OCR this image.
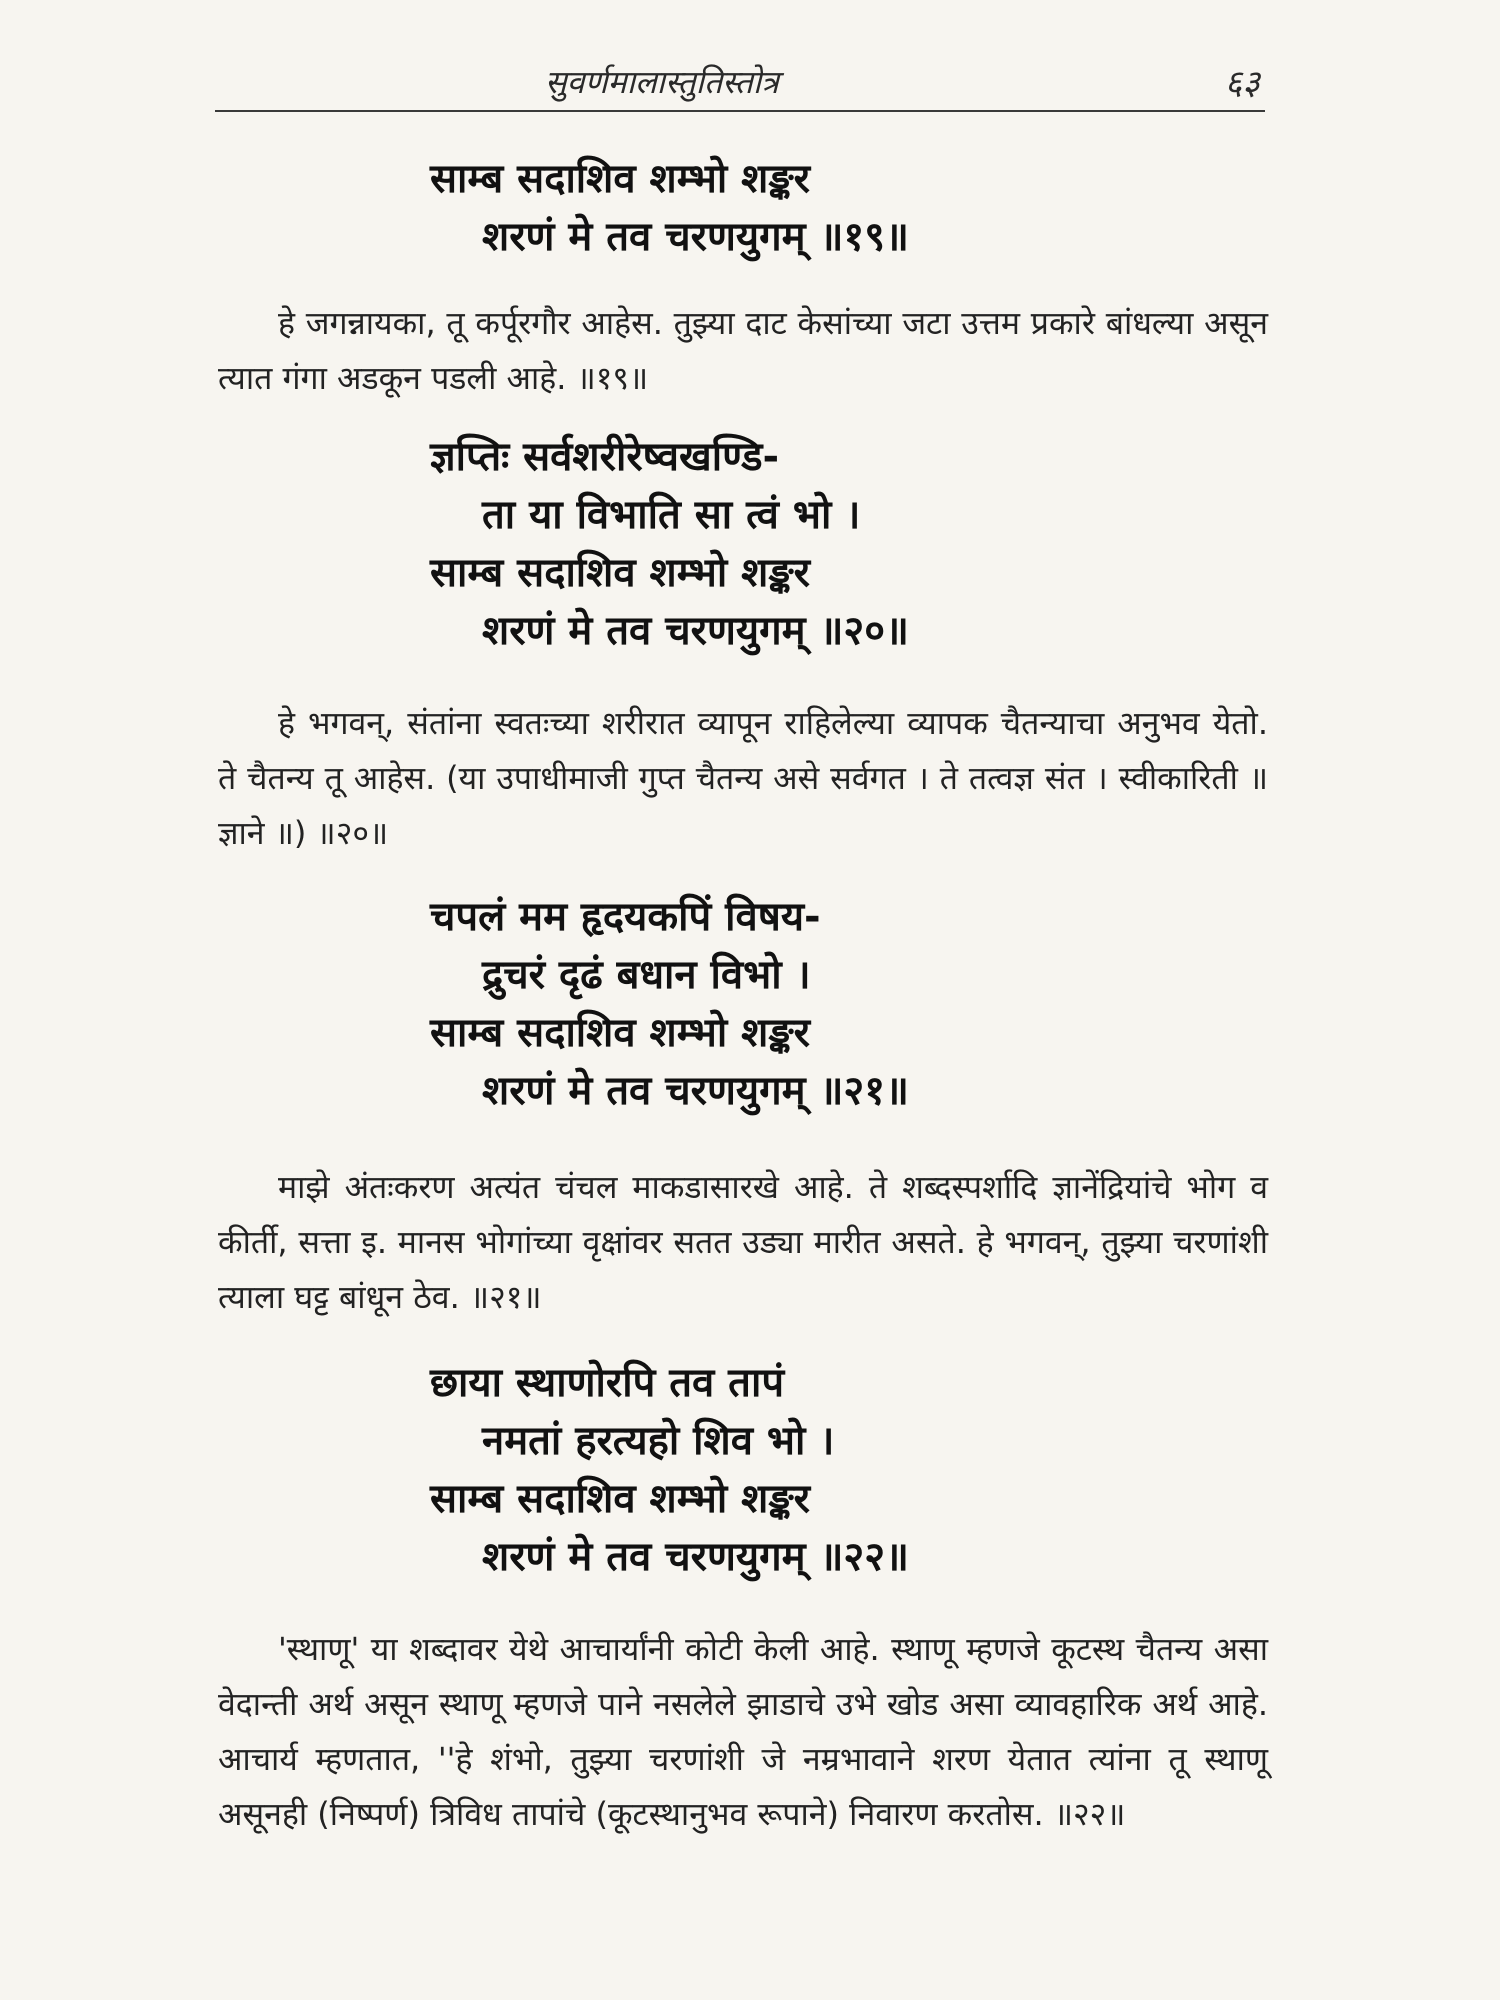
सुवर्णमालास्तुतिस्तोत्र	६३
साम्ब सदाशिव शम्भो शङ्कर
शरणं मे तव चरणयुगम् ॥१९॥

हे जगन्नायका, तू कर्पूरगौर आहेस. तुझ्या दाट केसांच्या जटा उत्तम प्रकारे बांधल्या असून त्यात गंगा अडकून पडली आहे. ॥१९॥

ज्ञप्तिः सर्वशरीरेष्वखण्डि-
ता या विभाति सा त्वं भो ।
साम्ब सदाशिव शम्भो शङ्कर
शरणं मे तव चरणयुगम् ॥२०॥

हे भगवन्, संतांना स्वतःच्या शरीरात व्यापून राहिलेल्या व्यापक चैतन्याचा अनुभव येतो. ते चैतन्य तू आहेस. (या उपाधीमाजी गुप्त चैतन्य असे सर्वगत । ते तत्वज्ञ संत । स्वीकारिती ॥ ज्ञाने ॥) ॥२०॥

चपलं मम हृदयकपिं विषय-
द्रुचरं दृढं बधान विभो ।
साम्ब सदाशिव शम्भो शङ्कर
शरणं मे तव चरणयुगम् ॥२१॥

माझे अंतःकरण अत्यंत चंचल माकडासारखे आहे. ते शब्दस्पर्शादि ज्ञानेंद्रियांचे भोग व कीर्ती, सत्ता इ. मानस भोगांच्या वृक्षांवर सतत उड्या मारीत असते. हे भगवन्, तुझ्या चरणांशी त्याला घट्ट बांधून ठेव. ॥२१॥

छाया स्थाणोरपि तव तापं
नमतां हरत्यहो शिव भो ।
साम्ब सदाशिव शम्भो शङ्कर
शरणं मे तव चरणयुगम् ॥२२॥

'स्थाणू' या शब्दावर येथे आचार्यांनी कोटी केली आहे. स्थाणू म्हणजे कूटस्थ चैतन्य असा वेदान्ती अर्थ असून स्थाणू म्हणजे पाने नसलेले झाडाचे उभे खोड असा व्यावहारिक अर्थ आहे. आचार्य म्हणतात, ''हे शंभो, तुझ्या चरणांशी जे नम्रभावाने शरण येतात त्यांना तू स्थाणू असूनही (निष्पर्ण) त्रिविध तापांचे (कूटस्थानुभव रूपाने) निवारण करतोस. ॥२२॥
